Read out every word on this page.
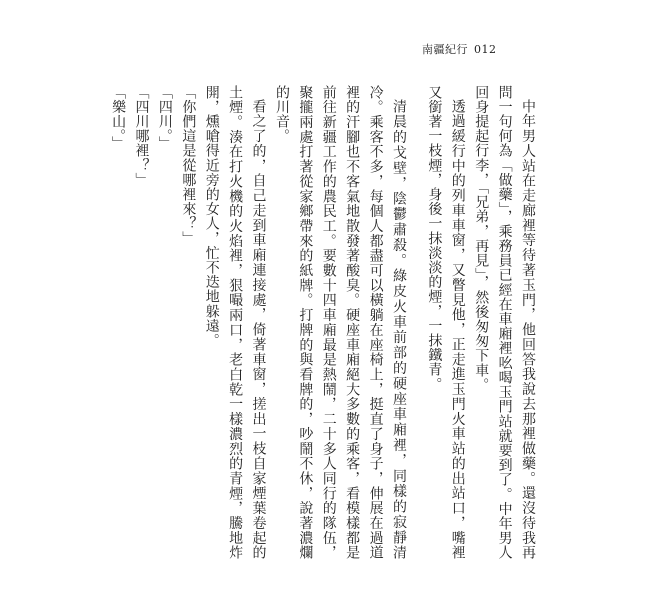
南疆紀行 012

中年男人站在走廊裡等待著玉門，他回答我說去那裡做藥。還沒待我再問一句何為「做藥」，乘務員已經在車廂裡吆喝玉門站就要到了。中年男人回身提起行李，「兄弟，再見」，然後匆匆下車。

透過緩行中的列車車窗，又瞥見他，正走進玉門火車站的出站口，嘴裡又銜著一枝煙，身後一抹淡淡的煙，一抹鐵青。

清晨的戈壁，陰鬱肅殺。綠皮火車前部的硬座車廂裡，同樣的寂靜清冷。乘客不多，每個人都盡可以橫躺在座椅上，挺直了身子，伸展在過道裡的汗腳也不客氣地散發著酸臭。硬座車廂絕大多數的乘客，看模樣都是前往新疆工作的農民工。要數十四車廂最是熱鬧，二十多人同行的隊伍，聚攏兩處打著從家鄉帶來的紙牌。打牌的與看牌的，吵鬧不休，說著濃爛的川音。

看之了的，自己走到車廂連接處，倚著車窗，搓出一枝自家煙葉卷起的土煙。湊在打火機的火焰裡，狠嘬兩口，老白乾一樣濃烈的青煙，騰地炸開，燻嗆得近旁的女人，忙不迭地躲遠。

「你們這是從哪裡來？」

「四川。」

「四川哪裡？」

「樂山。」
